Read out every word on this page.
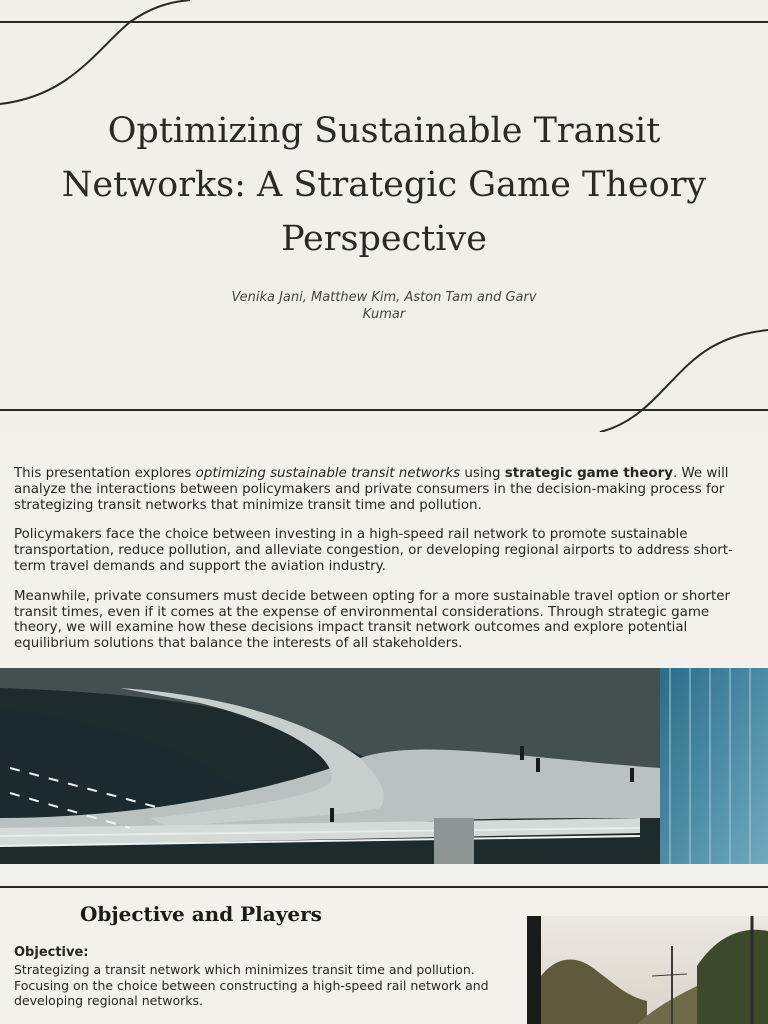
Optimizing Sustainable Transit Networks: A Strategic Game Theory Perspective
Venika Jani, Matthew Kim, Aston Tam and Garv Kumar

This presentation explores optimizing sustainable transit networks using strategic game theory. We will analyze the interactions between policymakers and private consumers in the decision-making process for strategizing transit networks that minimize transit time and pollution.

Policymakers face the choice between investing in a high-speed rail network to promote sustainable transportation, reduce pollution, and alleviate congestion, or developing regional airports to address short-term travel demands and support the aviation industry.

Meanwhile, private consumers must decide between opting for a more sustainable travel option or shorter transit times, even if it comes at the expense of environmental considerations. Through strategic game theory, we will examine how these decisions impact transit network outcomes and explore potential equilibrium solutions that balance the interests of all stakeholders.

Objective and Players
Objective:
Strategizing a transit network which minimizes transit time and pollution. Focusing on the choice between constructing a high-speed rail network and developing regional networks.
